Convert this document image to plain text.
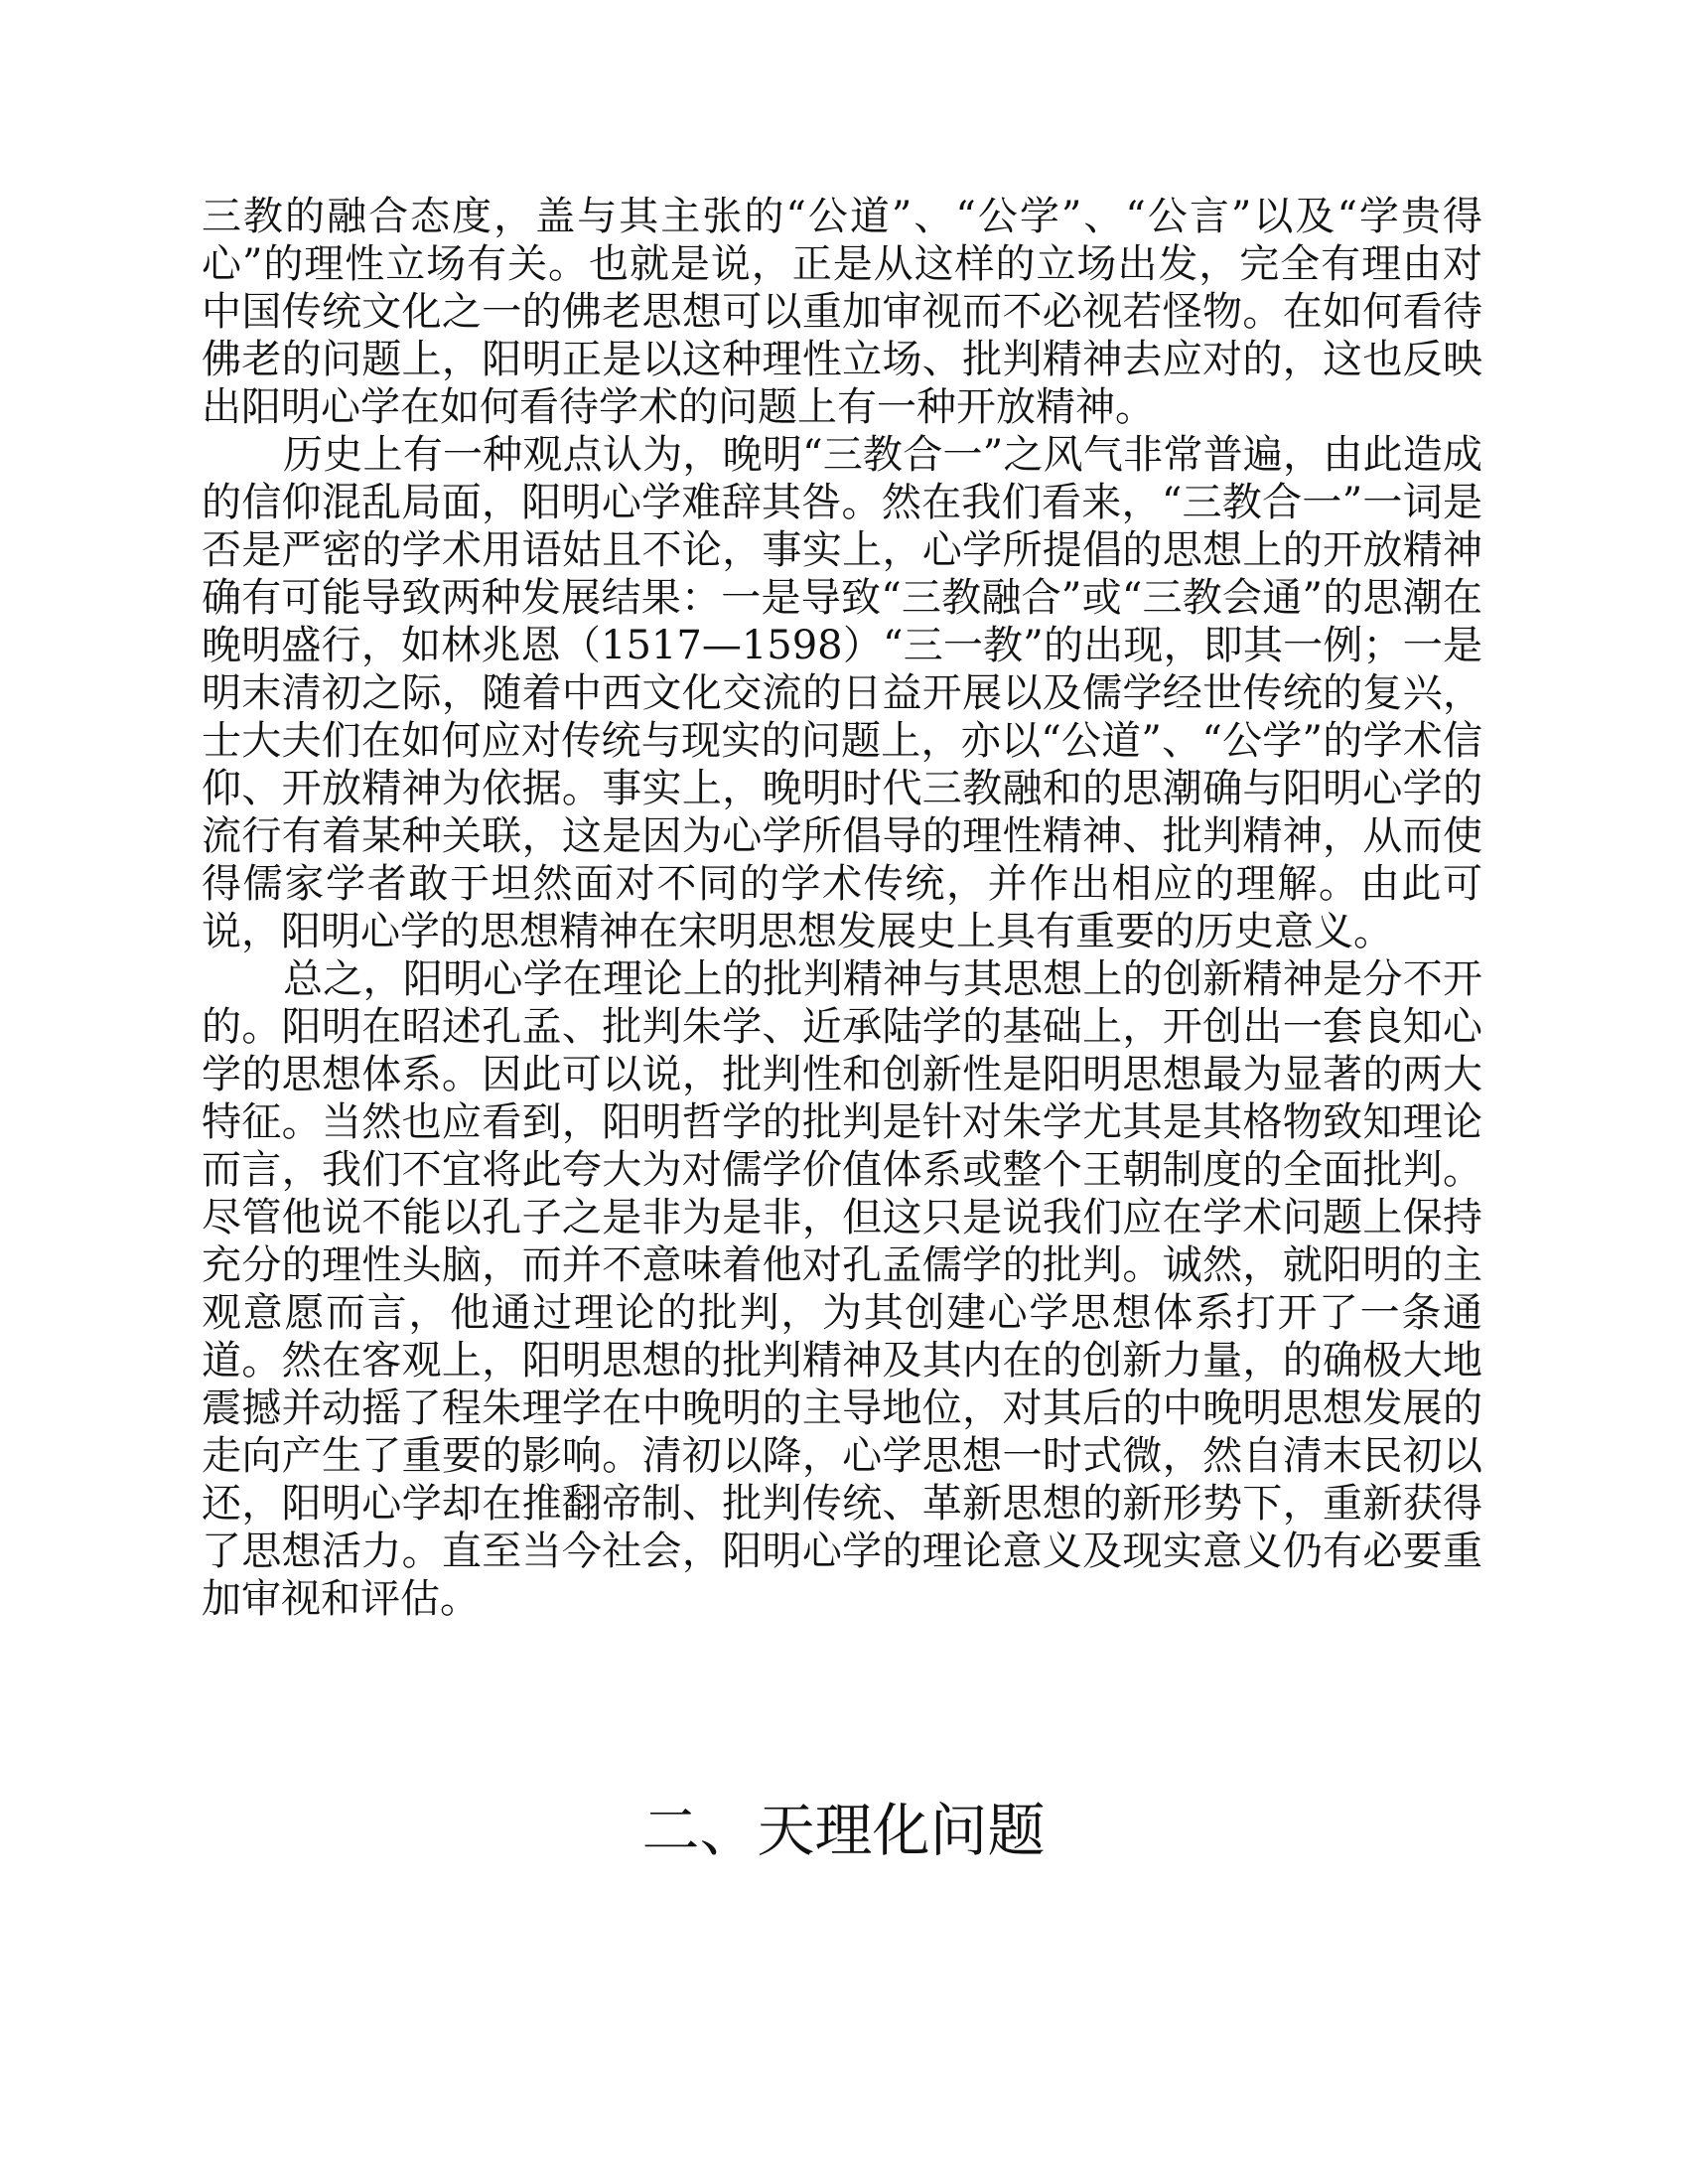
三教的融合态度，盖与其主张的“公道”、“公学”、“公言”以及“学贵得心”的理性立场有关。也就是说，正是从这样的立场出发，完全有理由对中国传统文化之一的佛老思想可以重加审视而不必视若怪物。在如何看待佛老的问题上，阳明正是以这种理性立场、批判精神去应对的，这也反映出阳明心学在如何看待学术的问题上有一种开放精神。

历史上有一种观点认为，晚明“三教合一”之风气非常普遍，由此造成的信仰混乱局面，阳明心学难辞其咎。然在我们看来，“三教合一”一词是否是严密的学术用语姑且不论，事实上，心学所提倡的思想上的开放精神确有可能导致两种发展结果：一是导致“三教融合”或“三教会通”的思潮在晚明盛行，如林兆恩（1517—1598）“三一教”的出现，即其一例；一是明末清初之际，随着中西文化交流的日益开展以及儒学经世传统的复兴，士大夫们在如何应对传统与现实的问题上，亦以“公道”、“公学”的学术信仰、开放精神为依据。事实上，晚明时代三教融和的思潮确与阳明心学的流行有着某种关联，这是因为心学所倡导的理性精神、批判精神，从而使得儒家学者敢于坦然面对不同的学术传统，并作出相应的理解。由此可说，阳明心学的思想精神在宋明思想发展史上具有重要的历史意义。

总之，阳明心学在理论上的批判精神与其思想上的创新精神是分不开的。阳明在昭述孔孟、批判朱学、近承陆学的基础上，开创出一套良知心学的思想体系。因此可以说，批判性和创新性是阳明思想最为显著的两大特征。当然也应看到，阳明哲学的批判是针对朱学尤其是其格物致知理论而言，我们不宜将此夸大为对儒学价值体系或整个王朝制度的全面批判。尽管他说不能以孔子之是非为是非，但这只是说我们应在学术问题上保持充分的理性头脑，而并不意味着他对孔孟儒学的批判。诚然，就阳明的主观意愿而言，他通过理论的批判，为其创建心学思想体系打开了一条通道。然在客观上，阳明思想的批判精神及其内在的创新力量，的确极大地震撼并动摇了程朱理学在中晚明的主导地位，对其后的中晚明思想发展的走向产生了重要的影响。清初以降，心学思想一时式微，然自清末民初以还，阳明心学却在推翻帝制、批判传统、革新思想的新形势下，重新获得了思想活力。直至当今社会，阳明心学的理论意义及现实意义仍有必要重加审视和评估。

二、天理化问题
